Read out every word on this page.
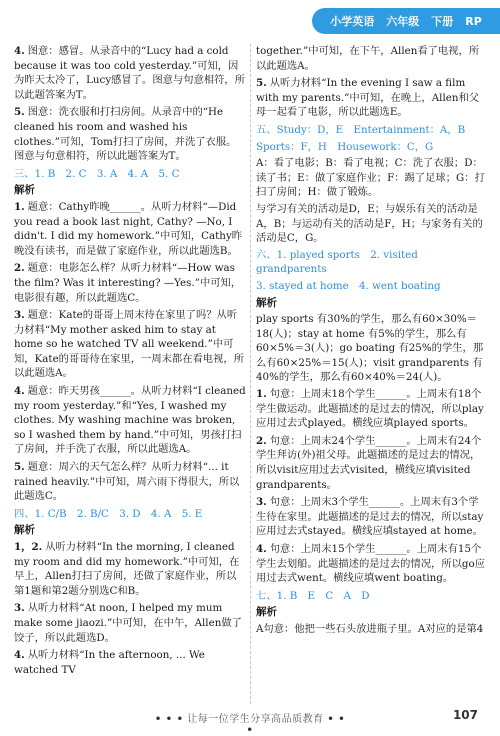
小学英语 六年级 下册 RP
4. 图意：感冒。从录音中的“Lucy had a cold because it was too cold yesterday.”可知，因为昨天太冷了，Lucy感冒了。图意与句意相符，所以此题答案为T。
5. 图意：洗衣服和打扫房间。从录音中的“He cleaned his room and washed his clothes.”可知，Tom打扫了房间，并洗了衣服。图意与句意相符，所以此题答案为T。
三、1. B　2. C　3. A　4. A　5. C
解析
1. 题意：Cathy昨晚______。从听力材料“—Did you read a book last night, Cathy? —No, I didn't. I did my homework.”中可知，Cathy昨晚没有读书，而是做了家庭作业，所以此题选B。
2. 题意：电影怎么样？从听力材料“—How was the film? Was it interesting? —Yes.”中可知，电影很有趣，所以此题选C。
3. 题意：Kate的哥哥上周末待在家里了吗？从听力材料“My mother asked him to stay at home so he watched TV all weekend.”中可知，Kate的哥哥待在家里，一周末都在看电视，所以此题选A。
4. 题意：昨天男孩______。从听力材料“I cleaned my room yesterday.”和“Yes, I washed my clothes. My washing machine was broken, so I washed them by hand.”中可知，男孩打扫了房间，并手洗了衣服，所以此题选A。
5. 题意：周六的天气怎么样？从听力材料“... it rained heavily.”中可知，周六雨下得很大，所以此题选C。
四、1. C/B　2. B/C　3. D　4. A　5. E
解析
1，2. 从听力材料“In the morning, I cleaned my room and did my homework.”中可知，在早上，Allen打扫了房间，还做了家庭作业，所以第1题和第2题分别选C和B。
3. 从听力材料“At noon, I helped my mum make some jiaozi.”中可知，在中午，Allen做了饺子，所以此题选D。
4. 从听力材料“In the afternoon, ... We watched TV
together.”中可知，在下午，Allen看了电视，所以此题选A。
5. 从听力材料“In the evening I saw a film with my parents.”中可知，在晚上，Allen和父母一起看了电影，所以此题选E。
五、Study：D，E　Entertainment：A，B
Sports：F，H　Housework：C，G
A：看了电影；B：看了电视；C：洗了衣服；D：读了书；E：做了家庭作业；F：踢了足球；G：打扫了房间；H：做了锻炼。
与学习有关的活动是D，E；与娱乐有关的活动是A，B；与运动有关的活动是F，H；与家务有关的活动是C，G。
六、1. played sports　2. visited grandparents
3. stayed at home　4. went boating
解析
play sports 有30%的学生，那么有60×30%＝18(人)；stay at home 有5%的学生，那么有60×5%＝3(人)；go boating 有25%的学生，那么有60×25%＝15(人)；visit grandparents 有40%的学生，那么有60×40%＝24(人)。
1. 句意：上周末18个学生______。上周末有18个学生做运动。此题描述的是过去的情况，所以play应用过去式played。横线应填played sports。
2. 句意：上周末24个学生______。上周末有24个学生拜访(外)祖父母。此题描述的是过去的情况，所以visit应用过去式visited，横线应填visited grandparents。
3. 句意：上周末3个学生______。上周末有3个学生待在家里。此题描述的是过去的情况，所以stay应用过去式stayed。横线应填stayed at home。
4. 句意：上周末15个学生______。上周末有15个学生去划船。此题描述的是过去的情况，所以go应用过去式went。横线应填went boating。
七、1. B　E　C　A　D
解析
A句意：他把一些石头放进瓶子里。A对应的是第4
• • • 让每一位学生分享高品质教育 • • •
107
